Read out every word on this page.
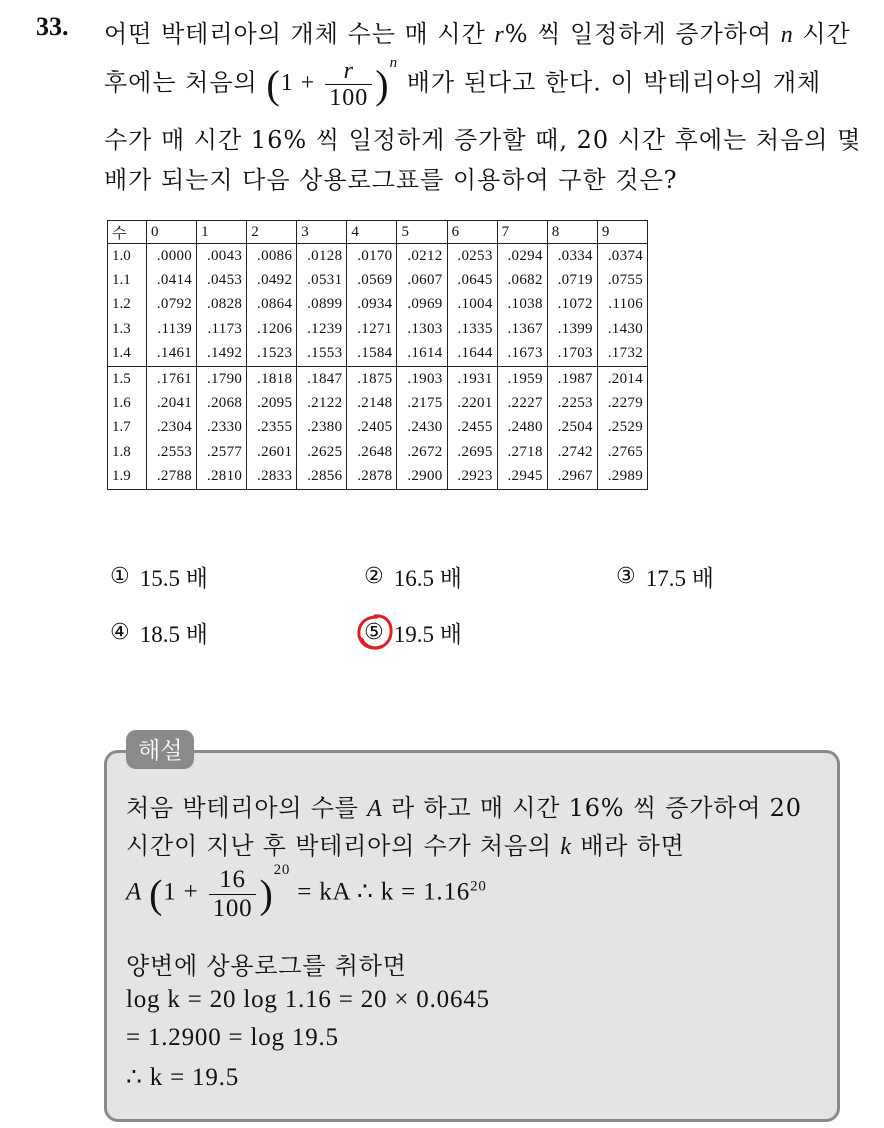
33. 어떤 박테리아의 개체 수는 매 시간 r% 씩 일정하게 증가하여 n 시간
후에는 처음의 $(1 + \frac{r}{100} )^n$ 배가 된다고 한다. 이 박테리아의 개체
수가 매 시간 16% 씩 일정하게 증가할 때, 20 시간 후에는 처음의 몇
배가 되는지 다음 상용로그표를 이용하여 구한 것은?
수	0	1	2	3	4	5	6	7	8	9
1.0	.0000	.0043	.0086	.0128	.0170	.0212	.0253	.0294	.0334	.0374
1.1	.0414	.0453	.0492	.0531	.0569	.0607	.0645	.0682	.0719	.0755
1.2	.0792	.0828	.0864	.0899	.0934	.0969	.1004	.1038	.1072	.1106
1.3	.1139	.1173	.1206	.1239	.1271	.1303	.1335	.1367	.1399	.1430
1.4	.1461	.1492	.1523	.1553	.1584	.1614	.1644	.1673	.1703	.1732
1.5	.1761	.1790	.1818	.1847	.1875	.1903	.1931	.1959	.1987	.2014
1.6	.2041	.2068	.2095	.2122	.2148	.2175	.2201	.2227	.2253	.2279
1.7	.2304	.2330	.2355	.2380	.2405	.2430	.2455	.2480	.2504	.2529
1.8	.2553	.2577	.2601	.2625	.2648	.2672	.2695	.2718	.2742	.2765
1.9	.2788	.2810	.2833	.2856	.2878	.2900	.2923	.2945	.2967	.2989
① 15.5 배	② 16.5 배	③ 17.5 배
④ 18.5 배	⑤ 19.5 배
해설
처음 박테리아의 수를 A 라 하고 매 시간 16% 씩 증가하여 20
시간이 지난 후 박테리아의 수가 처음의 k 배라 하면
A $(1 + \frac{16}{100} )^{20}$ = kA ∴ $k = 1.16^{20}$
양변에 상용로그를 취하면
log k = 20 log 1.16 = 20 × 0.0645
= 1.2900 = log 19.5
∴ k = 19.5
